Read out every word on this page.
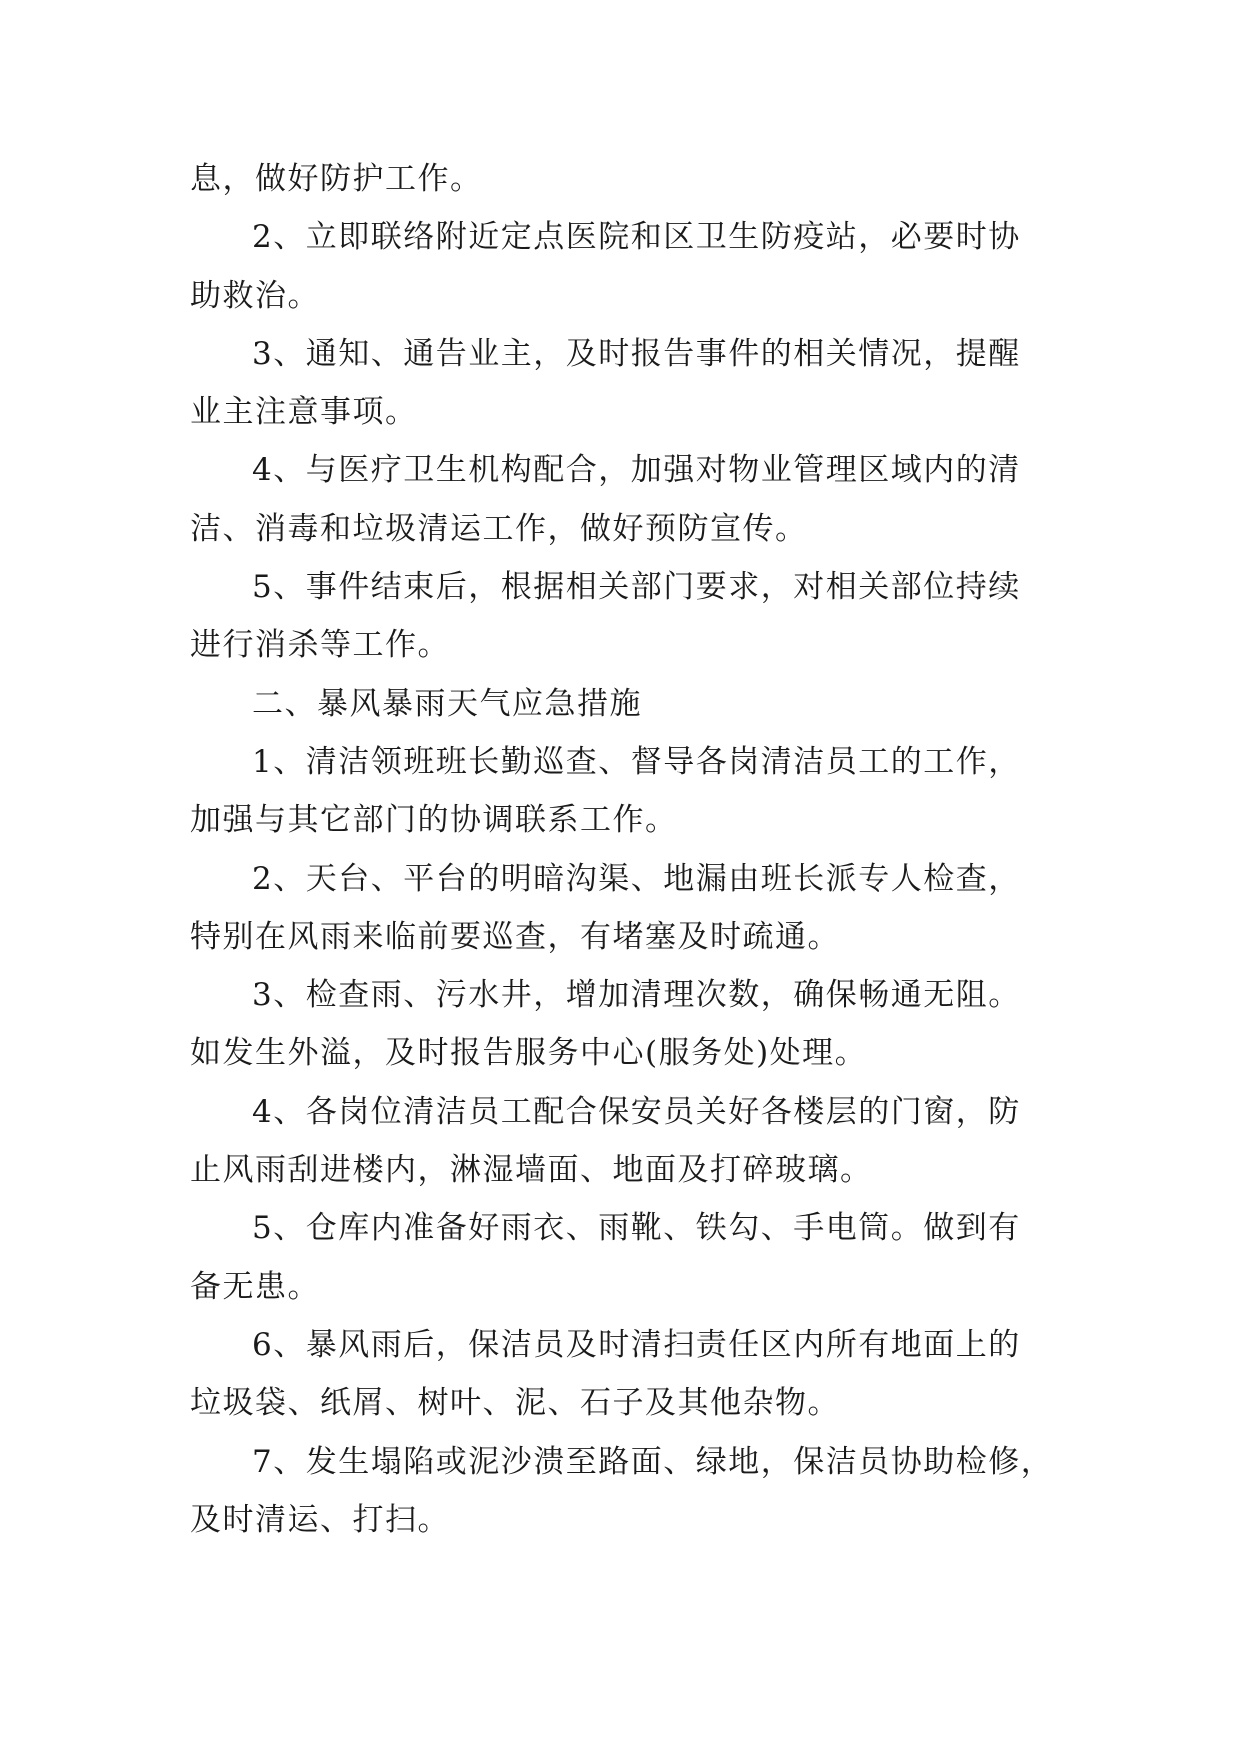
息，做好防护工作。
2、立即联络附近定点医院和区卫生防疫站，必要时协
助救治。
3、通知、通告业主，及时报告事件的相关情况，提醒
业主注意事项。
4、与医疗卫生机构配合，加强对物业管理区域内的清
洁、消毒和垃圾清运工作，做好预防宣传。
5、事件结束后，根据相关部门要求，对相关部位持续
进行消杀等工作。
二、暴风暴雨天气应急措施
1、清洁领班班长勤巡查、督导各岗清洁员工的工作，
加强与其它部门的协调联系工作。
2、天台、平台的明暗沟渠、地漏由班长派专人检查，
特别在风雨来临前要巡查，有堵塞及时疏通。
3、检查雨、污水井，增加清理次数，确保畅通无阻。
如发生外溢，及时报告服务中心(服务处)处理。
4、各岗位清洁员工配合保安员关好各楼层的门窗，防
止风雨刮进楼内，淋湿墙面、地面及打碎玻璃。
5、仓库内准备好雨衣、雨靴、铁勾、手电筒。做到有
备无患。
6、暴风雨后，保洁员及时清扫责任区内所有地面上的
垃圾袋、纸屑、树叶、泥、石子及其他杂物。
7、发生塌陷或泥沙溃至路面、绿地，保洁员协助检修，
及时清运、打扫。
